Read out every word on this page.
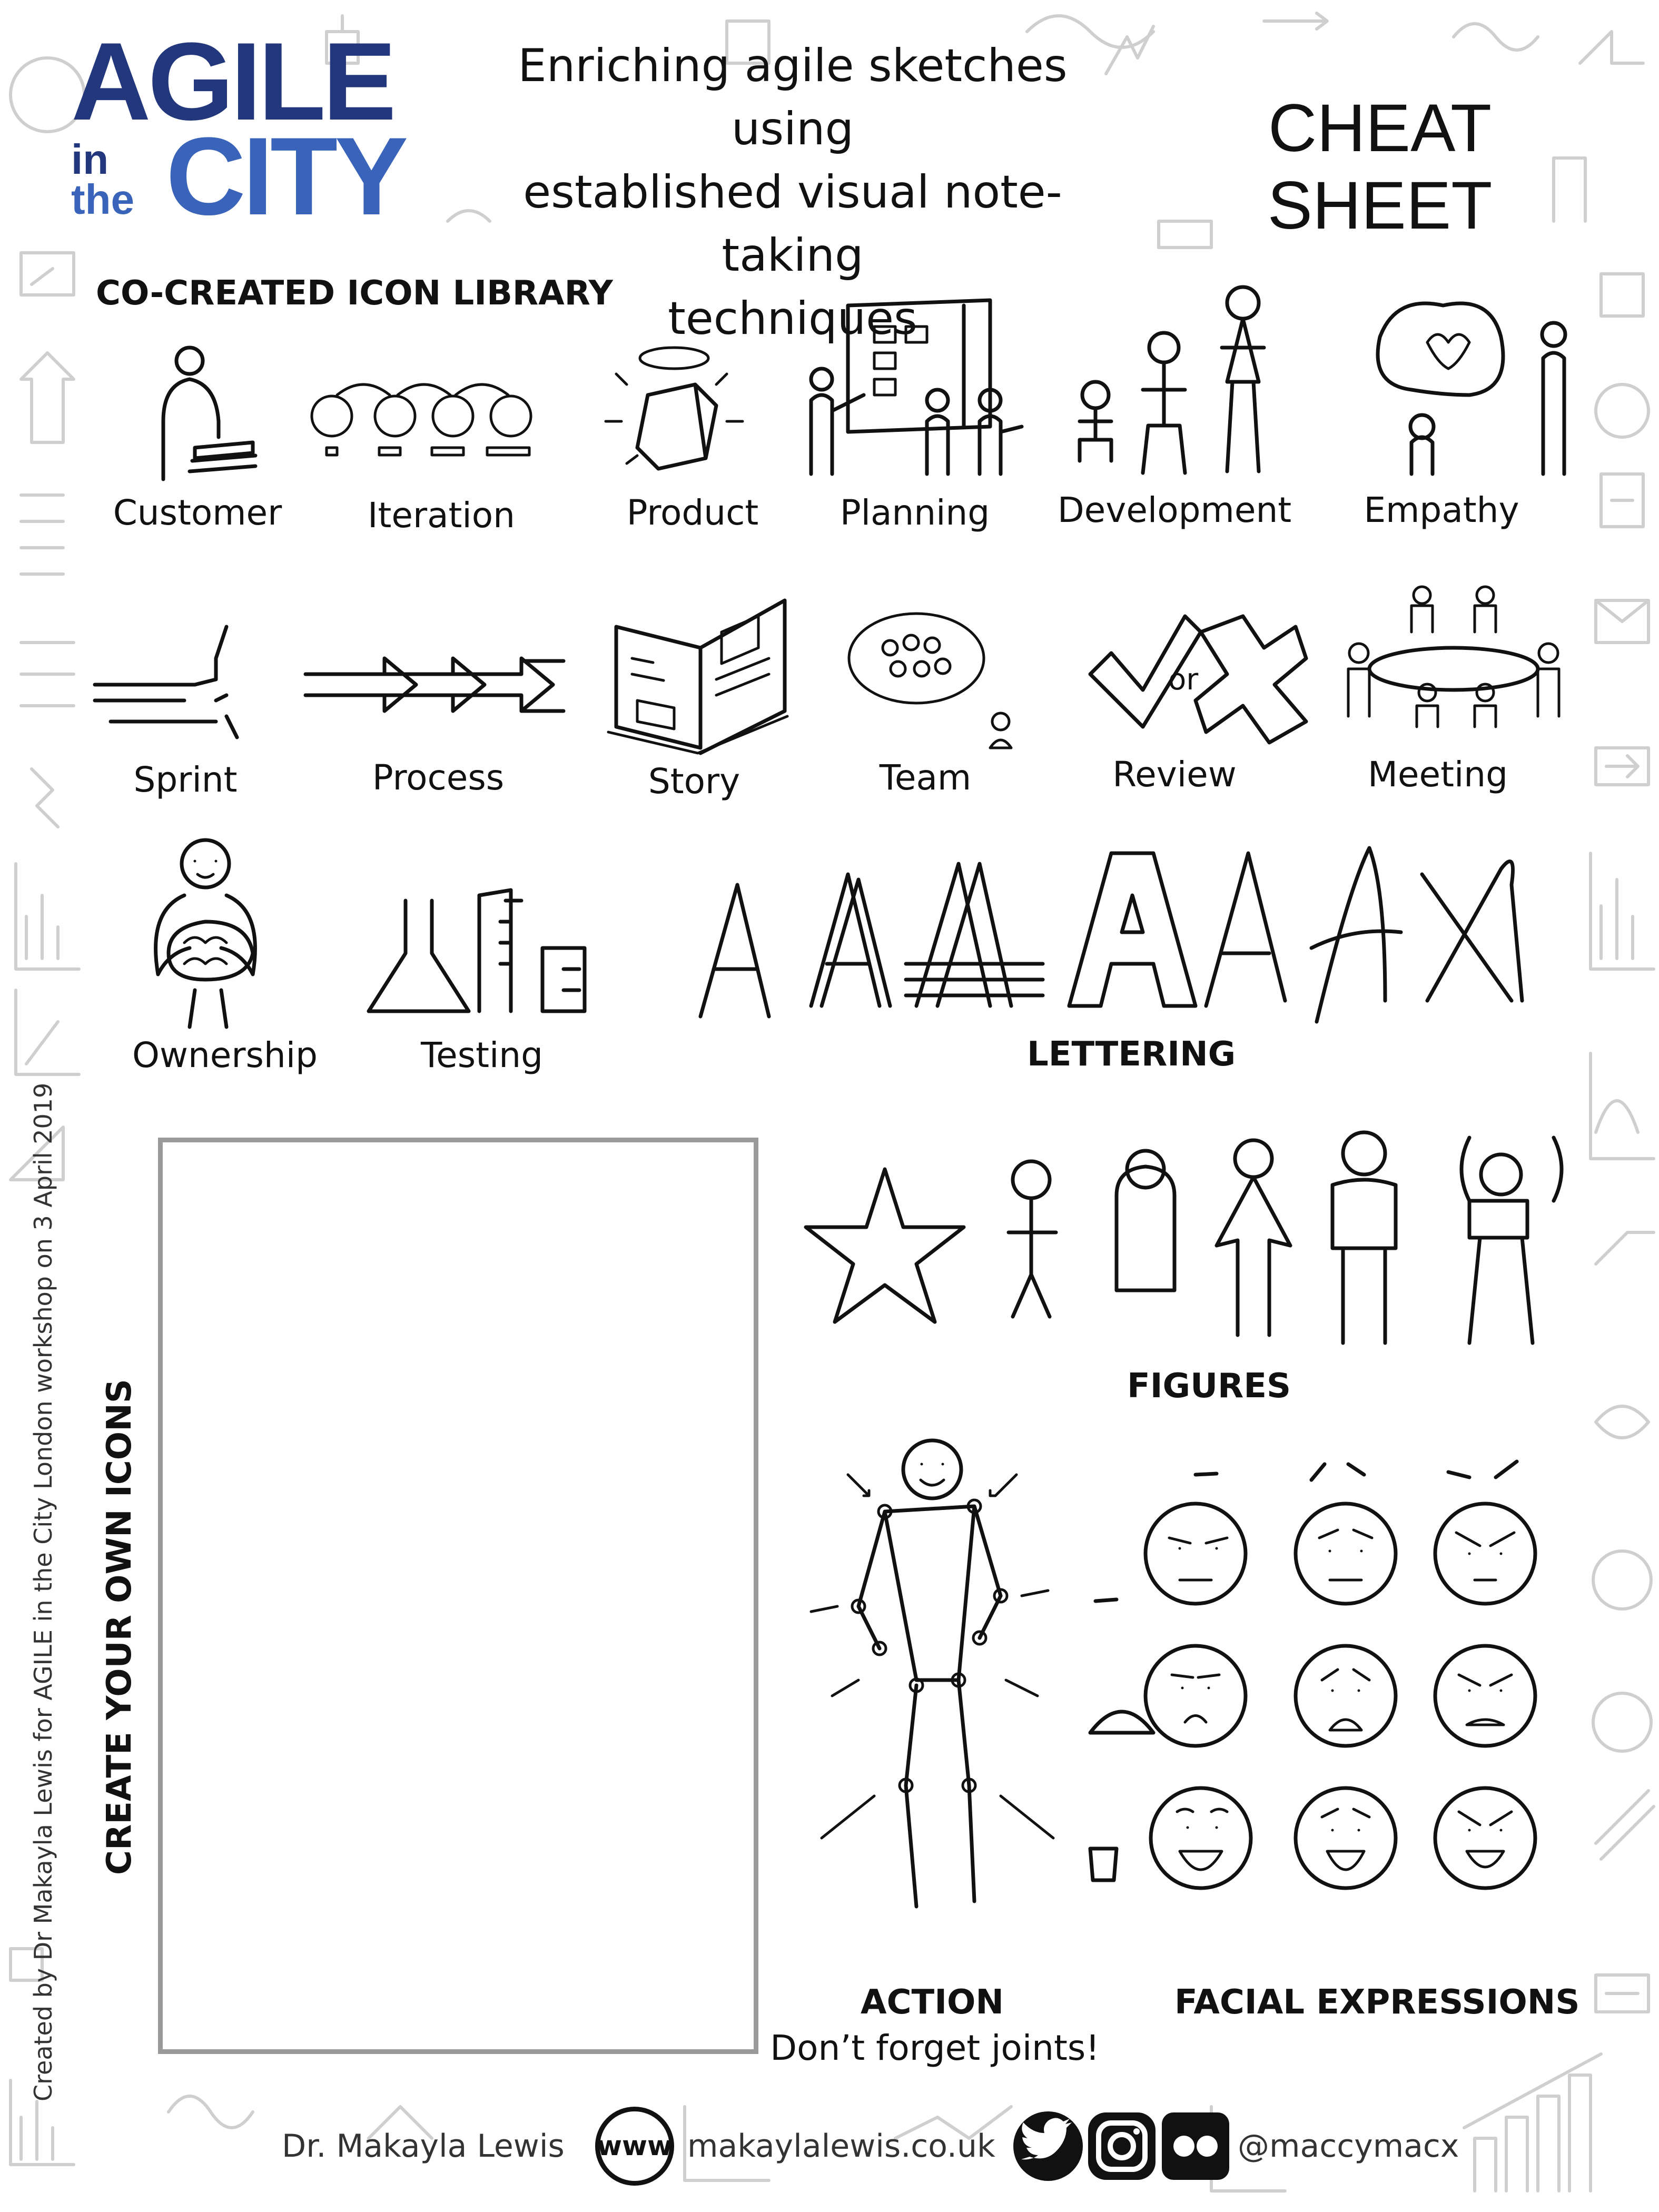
AGILE
in
the CITY
Enriching agile sketches using
established visual note-taking
techniques
CHEAT SHEET
CO-CREATED ICON LIBRARY
Customer	Iteration	Product	Planning	Development	Empathy
or
Sprint	Process	Story	Team	Review	Meeting
Ownership	Testing	LETTERING
CREATE YOUR OWN ICONS
Created by Dr Makayla Lewis for AGILE in the City London workshop on 3 April 2019	FIGURES
ACTION
Don’t forget joints!
FACIAL EXPRESSIONS
Dr. Makayla Lewis www makaylalewis.co.uk	@maccymacx
